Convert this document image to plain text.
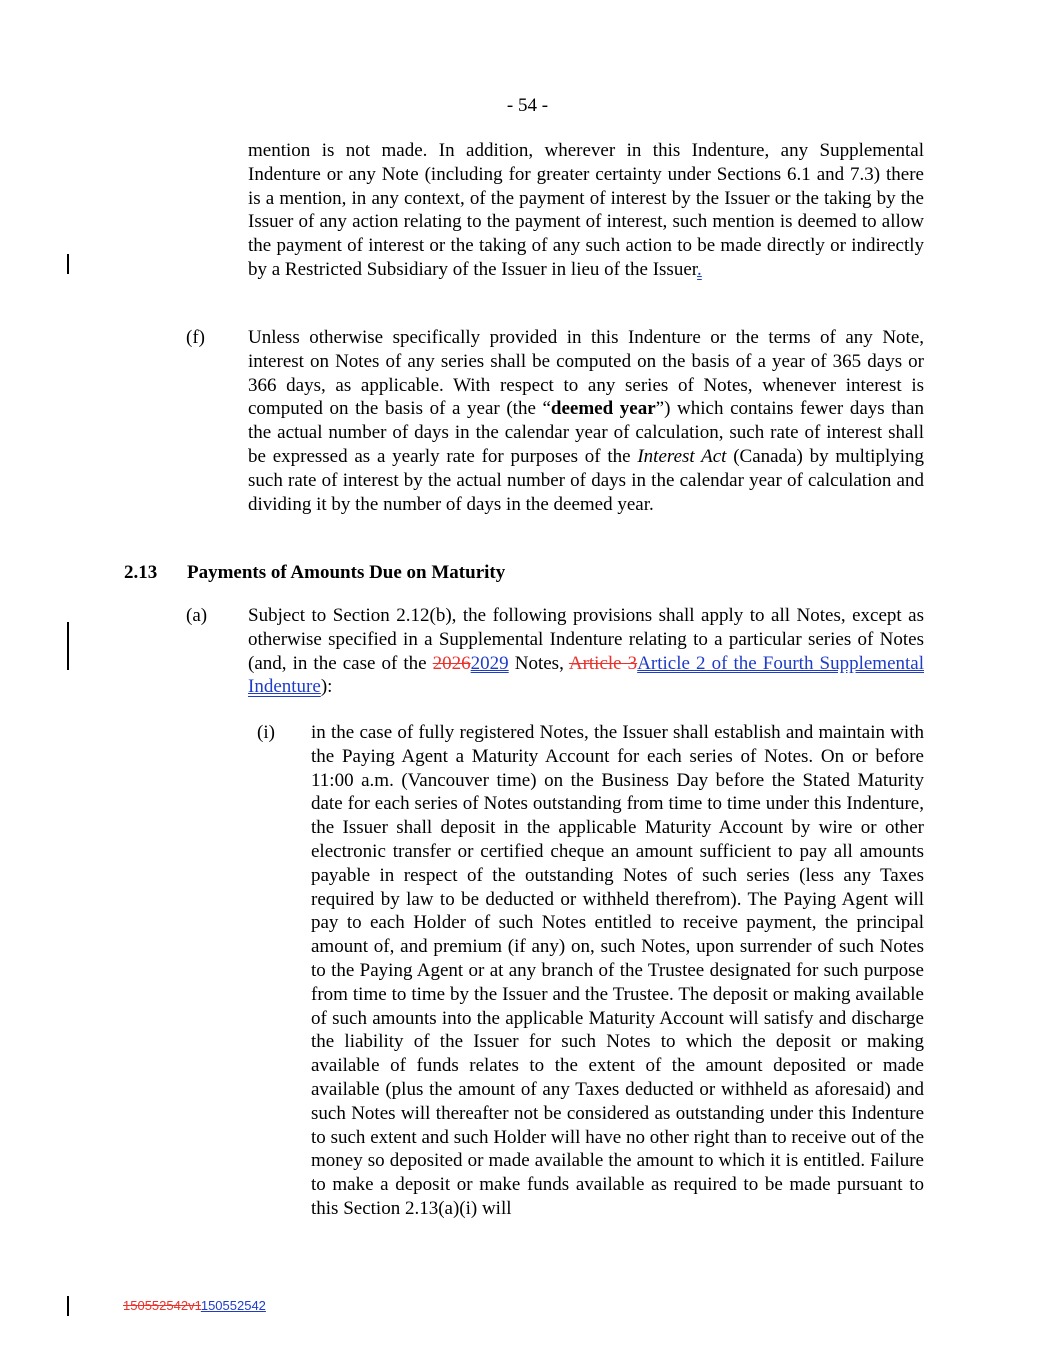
- 54 -
mention is not made. In addition, wherever in this Indenture, any Supplemental Indenture or any Note (including for greater certainty under Sections 6.1 and 7.3) there is a mention, in any context, of the payment of interest by the Issuer or the taking by the Issuer of any action relating to the payment of interest, such mention is deemed to allow the payment of interest or the taking of any such action to be made directly or indirectly by a Restricted Subsidiary of the Issuer in lieu of the Issuer.
(f) Unless otherwise specifically provided in this Indenture or the terms of any Note, interest on Notes of any series shall be computed on the basis of a year of 365 days or 366 days, as applicable. With respect to any series of Notes, whenever interest is computed on the basis of a year (the “deemed year”) which contains fewer days than the actual number of days in the calendar year of calculation, such rate of interest shall be expressed as a yearly rate for purposes of the Interest Act (Canada) by multiplying such rate of interest by the actual number of days in the calendar year of calculation and dividing it by the number of days in the deemed year.
2.13 Payments of Amounts Due on Maturity
(a) Subject to Section 2.12(b), the following provisions shall apply to all Notes, except as otherwise specified in a Supplemental Indenture relating to a particular series of Notes (and, in the case of the 20262029 Notes, Article 3Article 2 of the Fourth Supplemental Indenture):
(i) in the case of fully registered Notes, the Issuer shall establish and maintain with the Paying Agent a Maturity Account for each series of Notes. On or before 11:00 a.m. (Vancouver time) on the Business Day before the Stated Maturity date for each series of Notes outstanding from time to time under this Indenture, the Issuer shall deposit in the applicable Maturity Account by wire or other electronic transfer or certified cheque an amount sufficient to pay all amounts payable in respect of the outstanding Notes of such series (less any Taxes required by law to be deducted or withheld therefrom). The Paying Agent will pay to each Holder of such Notes entitled to receive payment, the principal amount of, and premium (if any) on, such Notes, upon surrender of such Notes to the Paying Agent or at any branch of the Trustee designated for such purpose from time to time by the Issuer and the Trustee. The deposit or making available of such amounts into the applicable Maturity Account will satisfy and discharge the liability of the Issuer for such Notes to which the deposit or making available of funds relates to the extent of the amount deposited or made available (plus the amount of any Taxes deducted or withheld as aforesaid) and such Notes will thereafter not be considered as outstanding under this Indenture to such extent and such Holder will have no other right than to receive out of the money so deposited or made available the amount to which it is entitled. Failure to make a deposit or make funds available as required to be made pursuant to this Section 2.13(a)(i) will
150552542v1150552542
